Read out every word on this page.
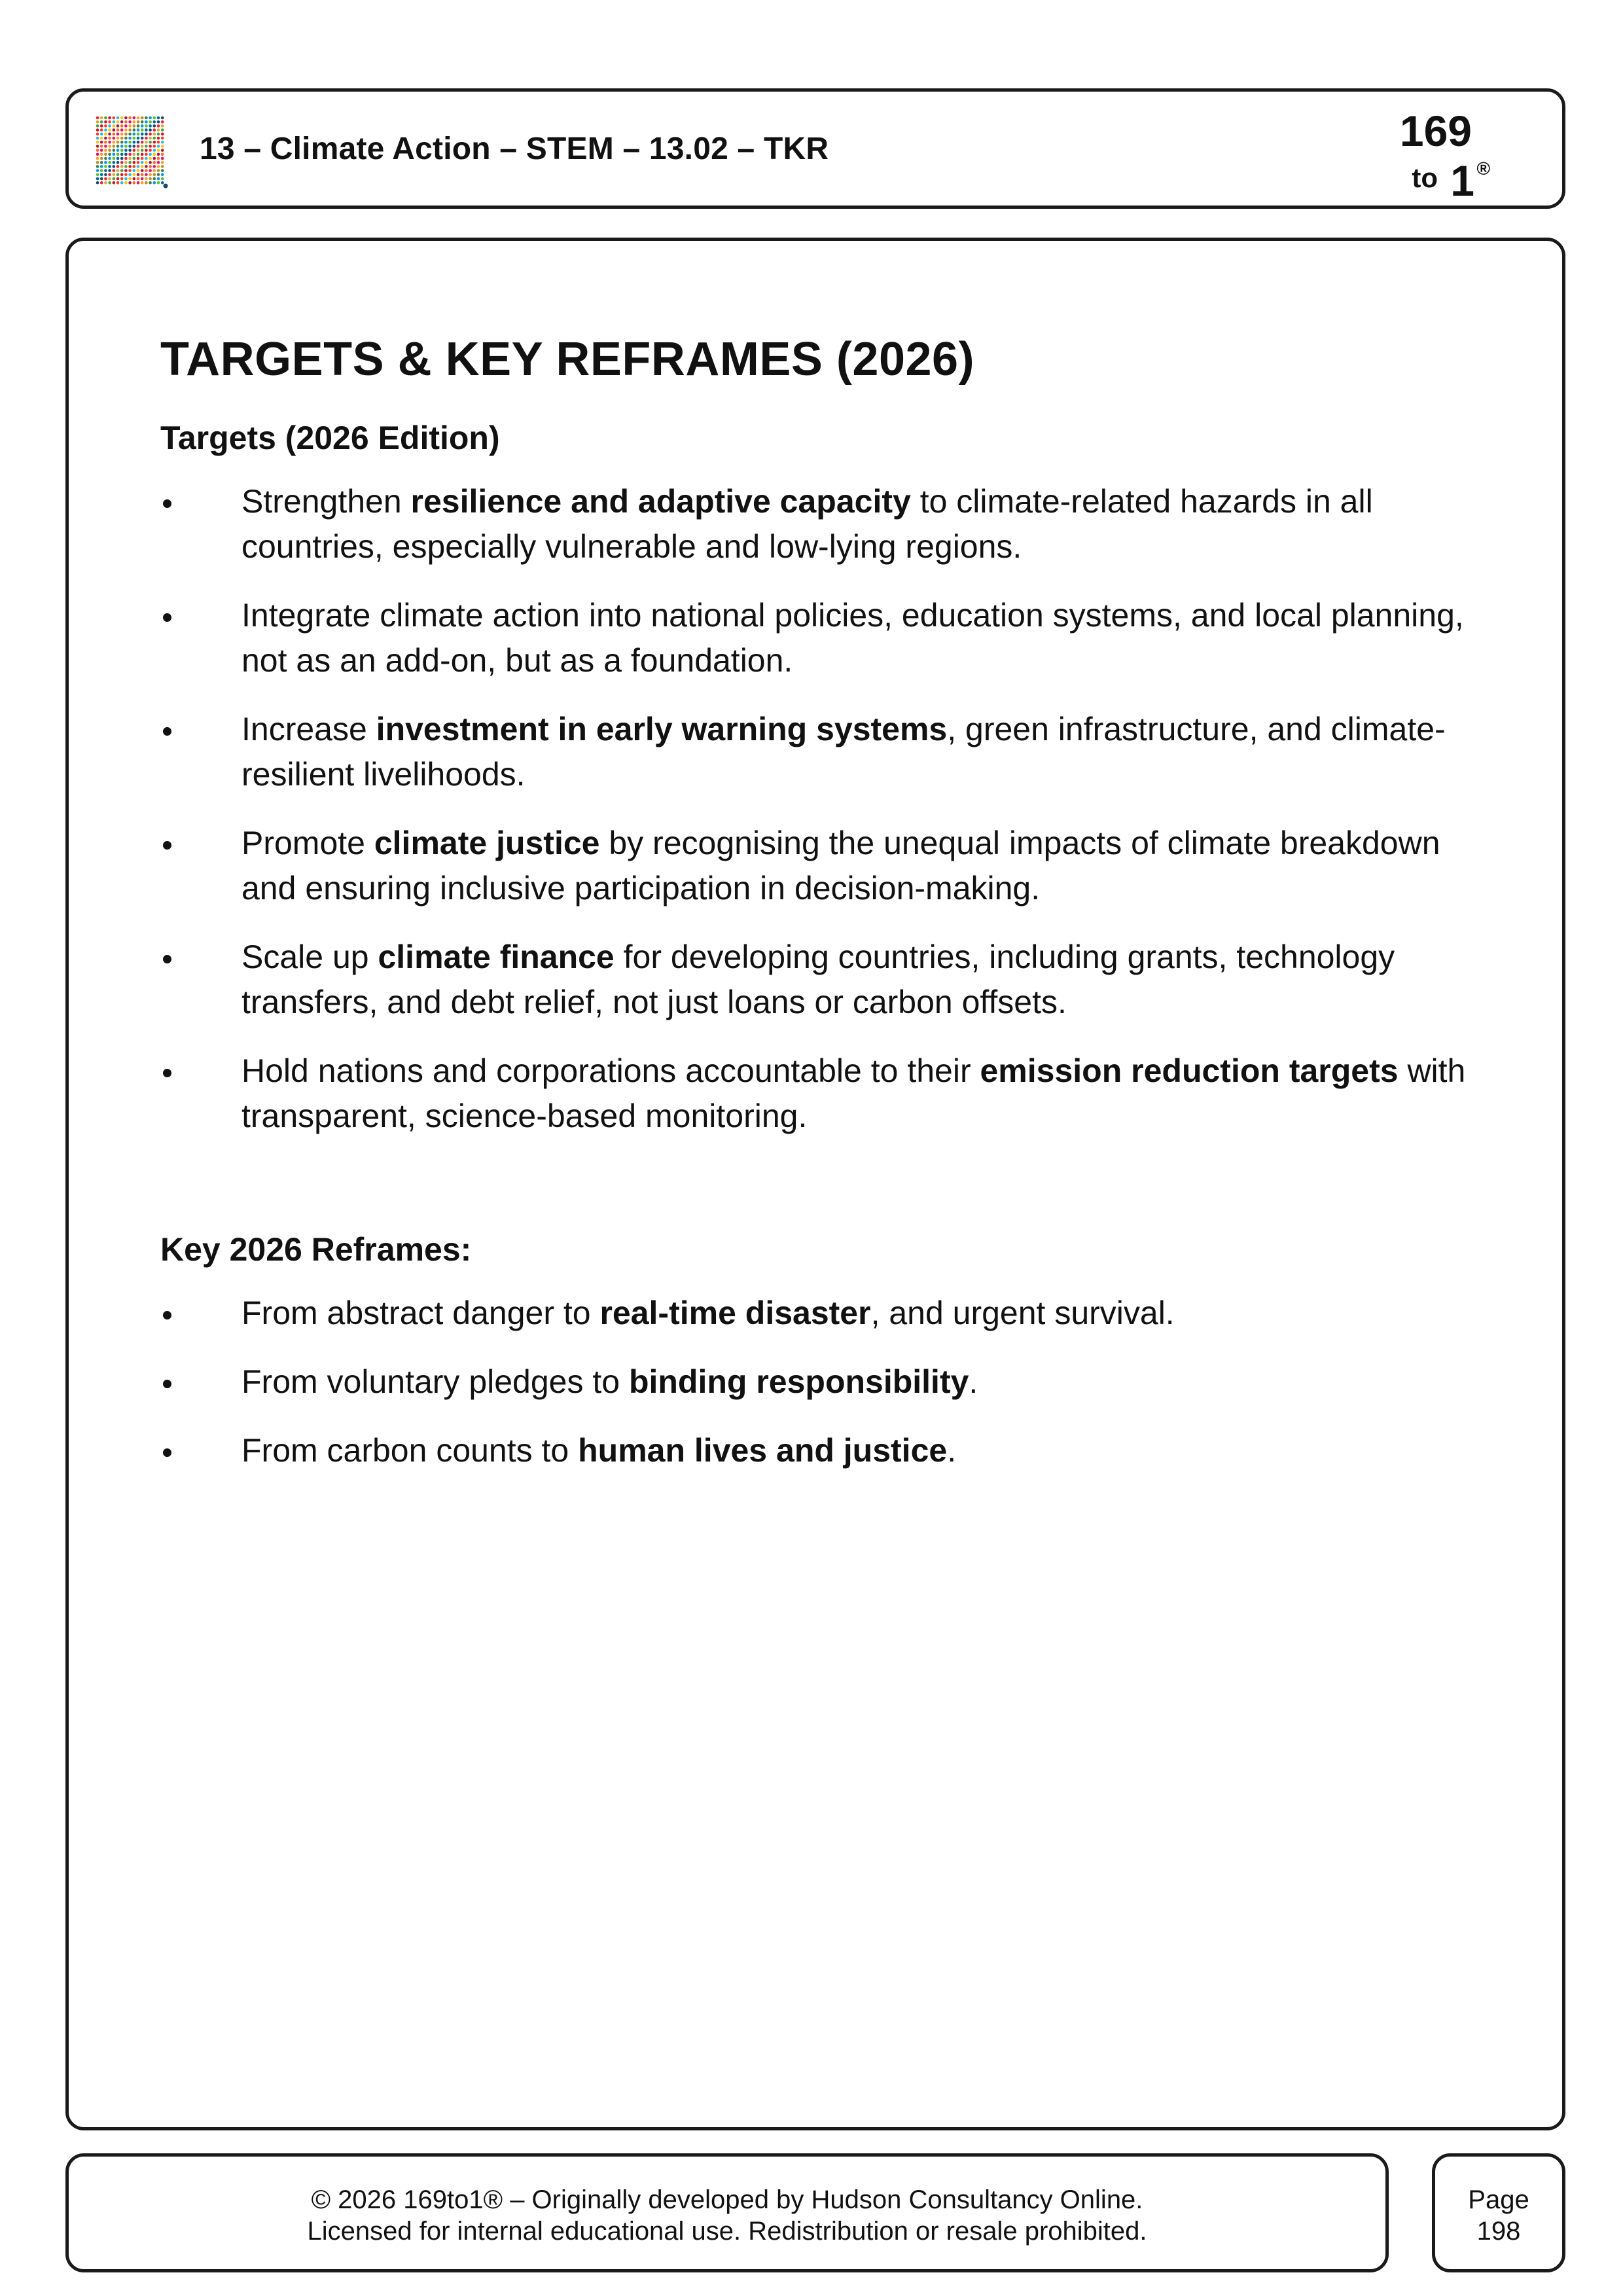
13 – Climate Action – STEM – 13.02 – TKR	169
to 1 ®
TARGETS & KEY REFRAMES (2026)
Targets (2026 Edition)
Strengthen resilience and adaptive capacity to climate-related hazards in all countries, especially vulnerable and low-lying regions.
Integrate climate action into national policies, education systems, and local planning, not as an add-on, but as a foundation.
Increase investment in early warning systems, green infrastructure, and climate-resilient livelihoods.
Promote climate justice by recognising the unequal impacts of climate breakdown and ensuring inclusive participation in decision-making.
Scale up climate finance for developing countries, including grants, technology transfers, and debt relief, not just loans or carbon offsets.
Hold nations and corporations accountable to their emission reduction targets with transparent, science-based monitoring.
Key 2026 Reframes:
From abstract danger to real-time disaster, and urgent survival.
From voluntary pledges to binding responsibility.
From carbon counts to human lives and justice.
© 2026 169to1® – Originally developed by Hudson Consultancy Online.
Licensed for internal educational use. Redistribution or resale prohibited.
Page
198
